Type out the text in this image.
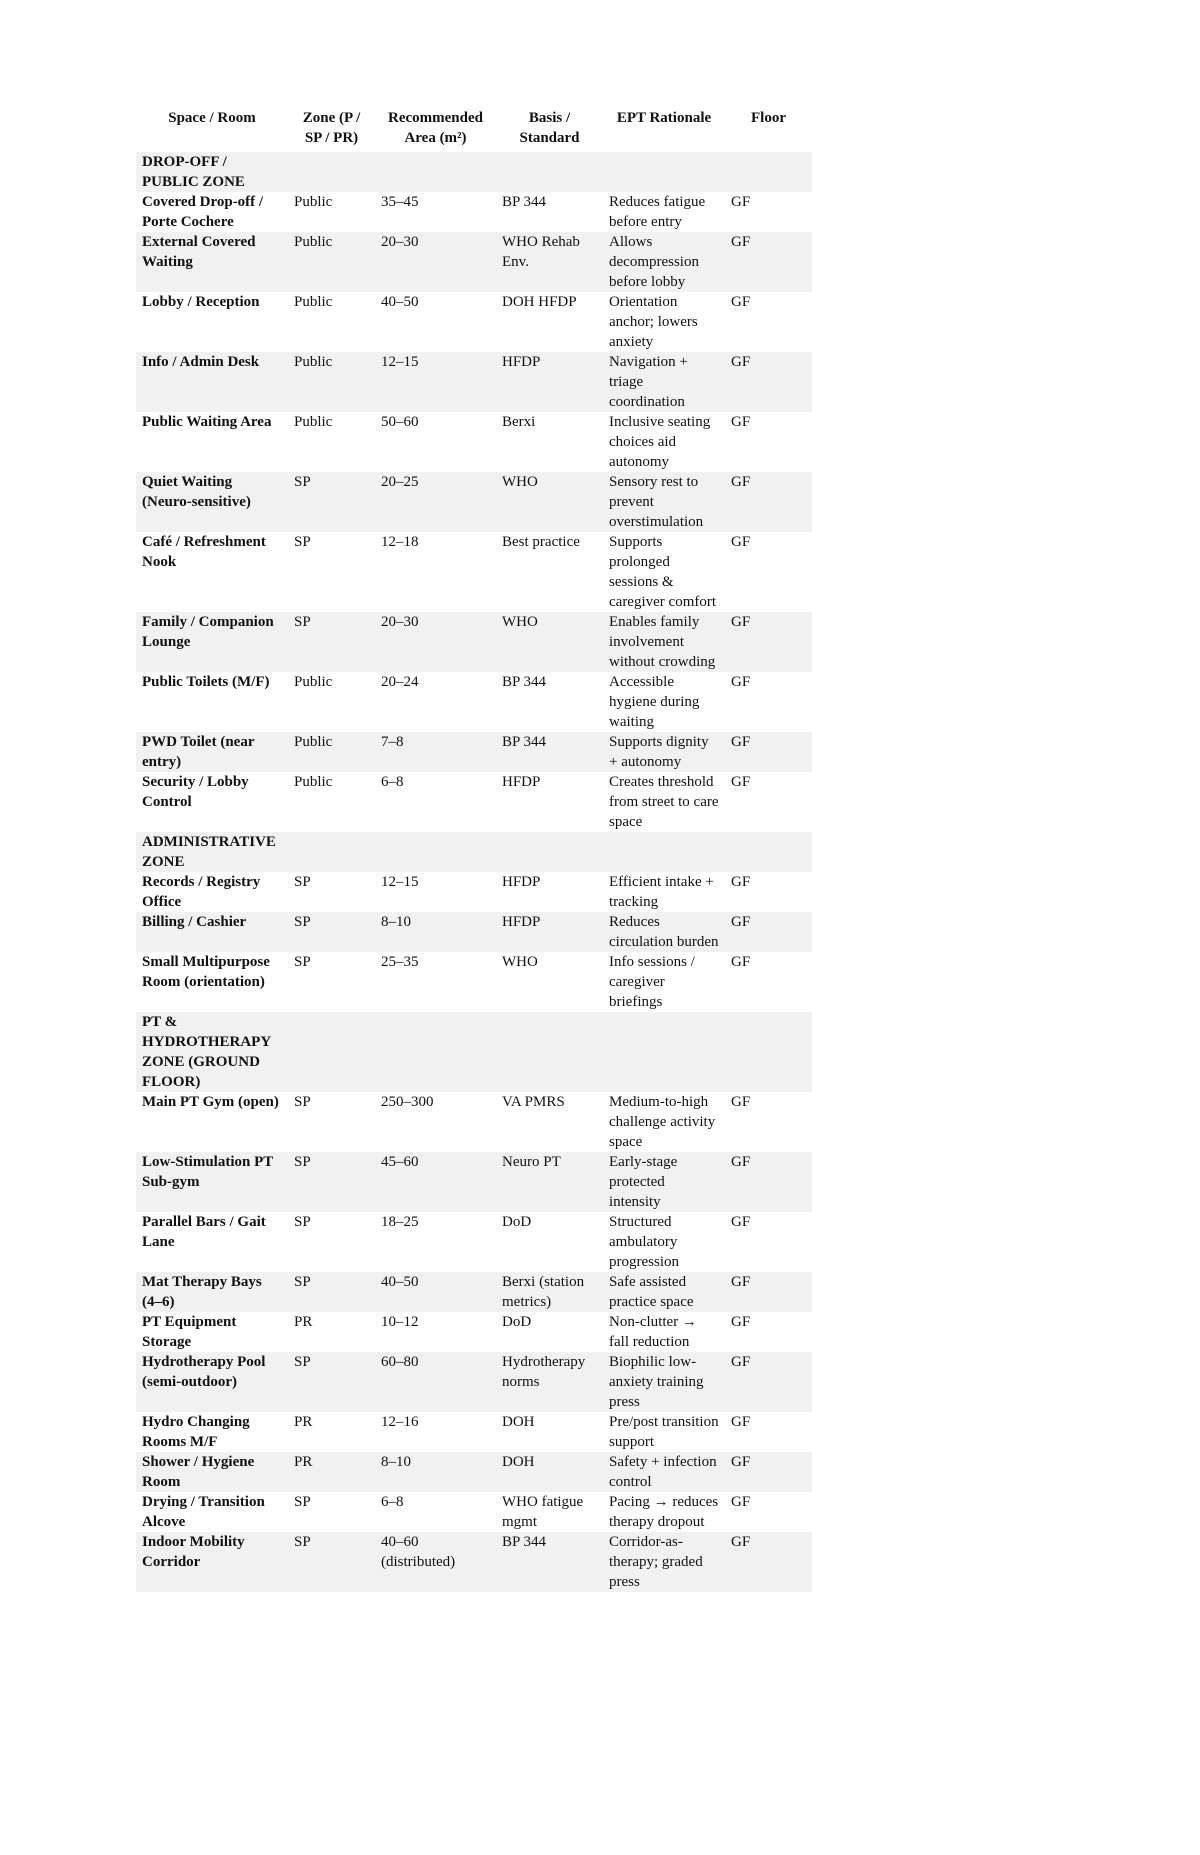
Space / Room	Zone (P / SP / PR)	Recommended Area (m²)	Basis / Standard	EPT Rationale	Floor
DROP-OFF / PUBLIC ZONE					
Covered Drop-off / Porte Cochere	Public	35–45	BP 344	Reduces fatigue before entry	GF
External Covered Waiting	Public	20–30	WHO Rehab Env.	Allows decompression before lobby	GF
Lobby / Reception	Public	40–50	DOH HFDP	Orientation anchor; lowers anxiety	GF
Info / Admin Desk	Public	12–15	HFDP	Navigation + triage coordination	GF
Public Waiting Area	Public	50–60	Berxi	Inclusive seating choices aid autonomy	GF
Quiet Waiting (Neuro-sensitive)	SP	20–25	WHO	Sensory rest to prevent overstimulation	GF
Café / Refreshment Nook	SP	12–18	Best practice	Supports prolonged sessions & caregiver comfort	GF
Family / Companion Lounge	SP	20–30	WHO	Enables family involvement without crowding	GF
Public Toilets (M/F)	Public	20–24	BP 344	Accessible hygiene during waiting	GF
PWD Toilet (near entry)	Public	7–8	BP 344	Supports dignity + autonomy	GF
Security / Lobby Control	Public	6–8	HFDP	Creates threshold from street to care space	GF
ADMINISTRATIVE ZONE					
Records / Registry Office	SP	12–15	HFDP	Efficient intake + tracking	GF
Billing / Cashier	SP	8–10	HFDP	Reduces circulation burden	GF
Small Multipurpose Room (orientation)	SP	25–35	WHO	Info sessions / caregiver briefings	GF
PT & HYDROTHERAPY ZONE (GROUND FLOOR)					
Main PT Gym (open)	SP	250–300	VA PMRS	Medium-to-high challenge activity space	GF
Low-Stimulation PT Sub-gym	SP	45–60	Neuro PT	Early-stage protected intensity	GF
Parallel Bars / Gait Lane	SP	18–25	DoD	Structured ambulatory progression	GF
Mat Therapy Bays (4–6)	SP	40–50	Berxi (station metrics)	Safe assisted practice space	GF
PT Equipment Storage	PR	10–12	DoD	Non-clutter → fall reduction	GF
Hydrotherapy Pool (semi-outdoor)	SP	60–80	Hydrotherapy norms	Biophilic low-anxiety training press	GF
Hydro Changing Rooms M/F	PR	12–16	DOH	Pre/post transition support	GF
Shower / Hygiene Room	PR	8–10	DOH	Safety + infection control	GF
Drying / Transition Alcove	SP	6–8	WHO fatigue mgmt	Pacing → reduces therapy dropout	GF
Indoor Mobility Corridor	SP	40–60 (distributed)	BP 344	Corridor-as-therapy; graded press	GF
